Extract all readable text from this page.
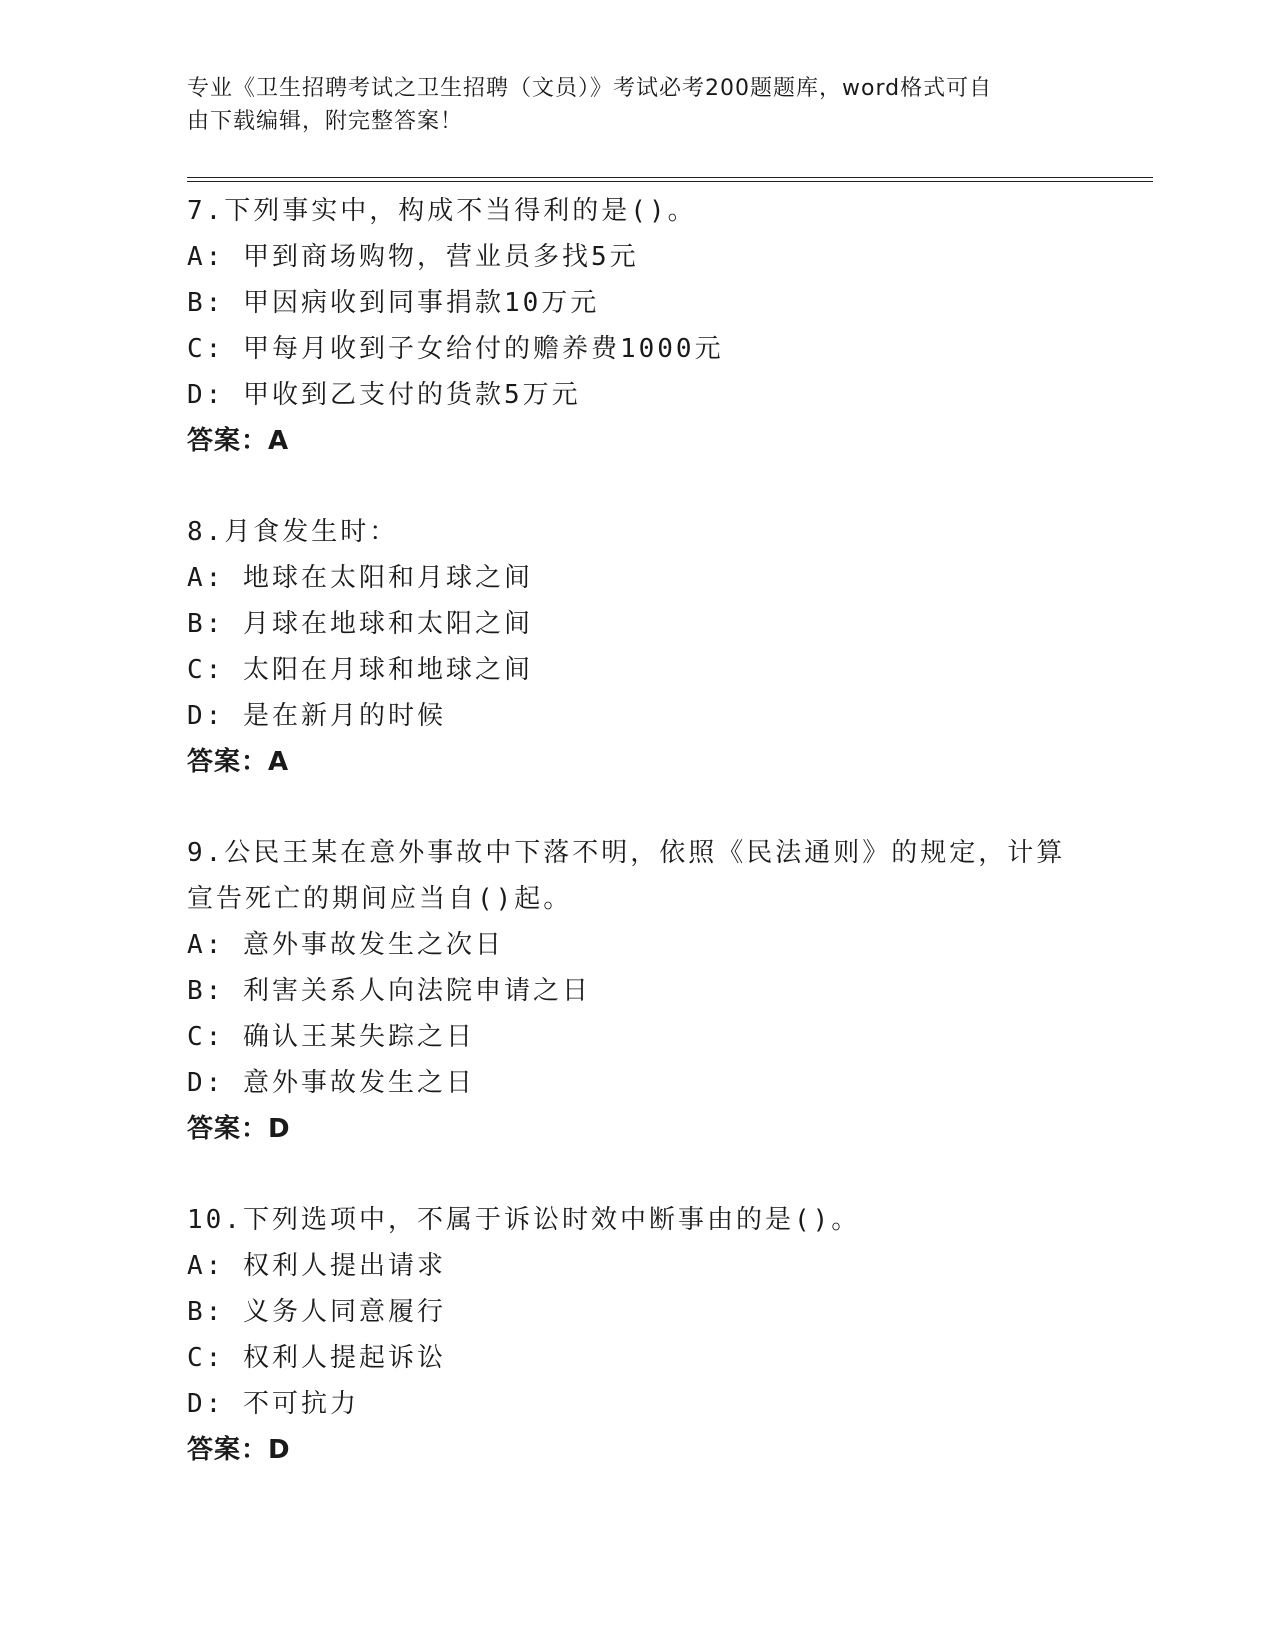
专业《卫生招聘考试之卫生招聘（文员）》考试必考200题题库，word格式可自
由下载编辑，附完整答案！
7.下列事实中，构成不当得利的是()。
A: 甲到商场购物，营业员多找5元
B: 甲因病收到同事捐款10万元
C: 甲每月收到子女给付的赡养费1000元
D: 甲收到乙支付的货款5万元
答案：A
8.月食发生时：
A: 地球在太阳和月球之间
B: 月球在地球和太阳之间
C: 太阳在月球和地球之间
D: 是在新月的时候
答案：A
9.公民王某在意外事故中下落不明，依照《民法通则》的规定，计算
宣告死亡的期间应当自()起。
A: 意外事故发生之次日
B: 利害关系人向法院申请之日
C: 确认王某失踪之日
D: 意外事故发生之日
答案：D
10.下列选项中，不属于诉讼时效中断事由的是()。
A: 权利人提出请求
B: 义务人同意履行
C: 权利人提起诉讼
D: 不可抗力
答案：D
